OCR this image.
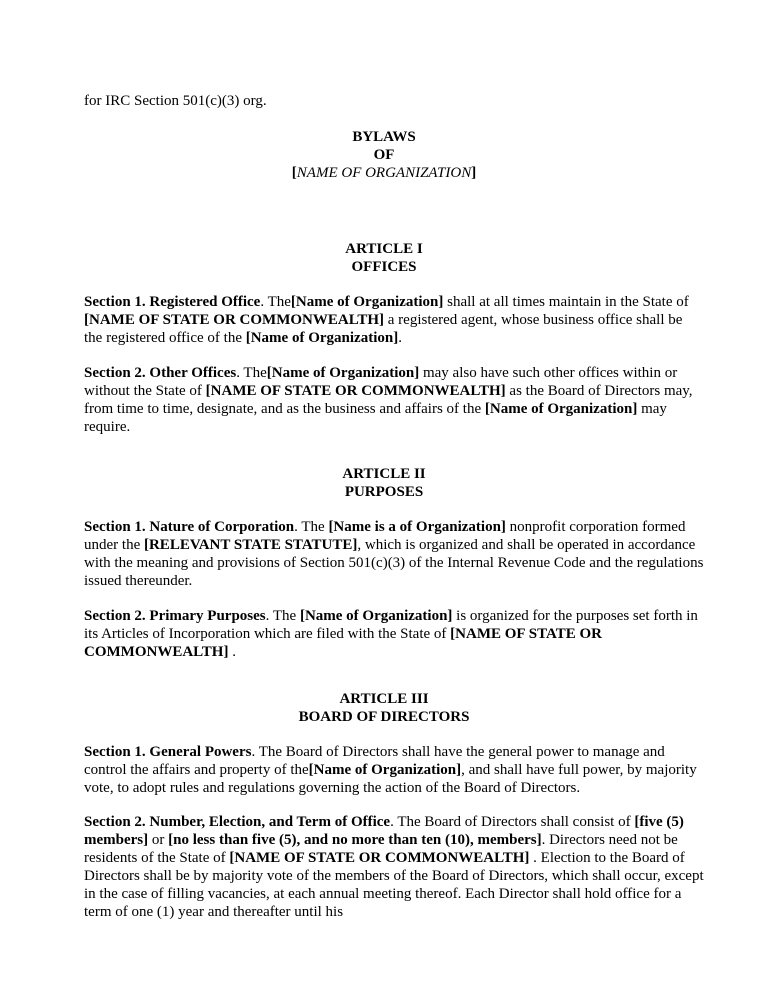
for IRC Section 501(c)(3) org.
BYLAWS
OF
[NAME OF ORGANIZATION]
ARTICLE I
OFFICES
Section 1. Registered Office. The[Name of Organization] shall at all times maintain in the State of [NAME OF STATE OR COMMONWEALTH] a registered agent, whose business office shall be the registered office of the [Name of Organization].
Section 2. Other Offices. The[Name of Organization] may also have such other offices within or without the State of [NAME OF STATE OR COMMONWEALTH] as the Board of Directors may, from time to time, designate, and as the business and affairs of the [Name of Organization] may require.
ARTICLE II
PURPOSES
Section 1. Nature of Corporation. The [Name is a of Organization] nonprofit corporation formed under the [RELEVANT STATE STATUTE], which is organized and shall be operated in accordance with the meaning and provisions of Section 501(c)(3) of the Internal Revenue Code and the regulations issued thereunder.
Section 2. Primary Purposes. The [Name of Organization] is organized for the purposes set forth in its Articles of Incorporation which are filed with the State of [NAME OF STATE OR COMMONWEALTH] .
ARTICLE III
BOARD OF DIRECTORS
Section 1. General Powers. The Board of Directors shall have the general power to manage and control the affairs and property of the[Name of Organization], and shall have full power, by majority vote, to adopt rules and regulations governing the action of the Board of Directors.
Section 2. Number, Election, and Term of Office. The Board of Directors shall consist of [five (5) members] or [no less than five (5), and no more than ten (10), members]. Directors need not be residents of the State of [NAME OF STATE OR COMMONWEALTH] . Election to the Board of Directors shall be by majority vote of the members of the Board of Directors, which shall occur, except in the case of filling vacancies, at each annual meeting thereof. Each Director shall hold office for a term of one (1) year and thereafter until his
